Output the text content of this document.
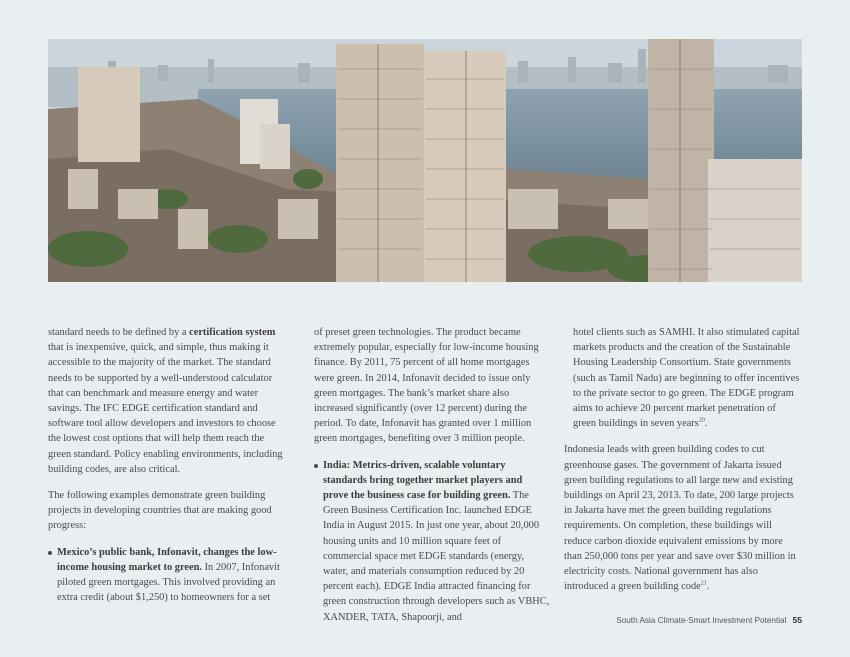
standard needs to be defined by a certification system that is inexpensive, quick, and simple, thus making it accessible to the majority of the market. The standard needs to be supported by a well-understood calculator that can benchmark and measure energy and water savings. The IFC EDGE certification standard and software tool allow developers and investors to choose the lowest cost options that will help them reach the green standard. Policy enabling environments, including building codes, are also critical.

The following examples demonstrate green building projects in developing countries that are making good progress:

Mexico’s public bank, Infonavit, changes the low-income housing market to green. In 2007, Infonavit piloted green mortgages. This involved providing an extra credit (about $1,250) to homeowners for a set

of preset green technologies. The product became extremely popular, especially for low-income housing finance. By 2011, 75 percent of all home mortgages were green. In 2014, Infonavit decided to issue only green mortgages. The bank’s market share also increased significantly (over 12 percent) during the period. To date, Infonavit has granted over 1 million green mortgages, benefiting over 3 million people.

India: Metrics-driven, scalable voluntary standards bring together market players and prove the business case for building green. The Green Business Certification Inc. launched EDGE India in August 2015. In just one year, about 20,000 housing units and 10 million square feet of commercial space met EDGE standards (energy, water, and materials consumption reduced by 20 percent each). EDGE India attracted financing for green construction through developers such as VBHC, XANDER, TATA, Shapoorji, and

hotel clients such as SAMHI. It also stimulated capital markets products and the creation of the Sustainable Housing Leadership Consortium. State governments (such as Tamil Nadu) are beginning to offer incentives to the private sector to go green. The EDGE program aims to achieve 20 percent market penetration of green buildings in seven years$^{20}$.

Indonesia leads with green building codes to cut greenhouse gases. The government of Jakarta issued green building regulations to all large new and existing buildings on April 23, 2013. To date, 200 large projects in Jakarta have met the green building regulations requirements. On completion, these buildings will reduce carbon dioxide equivalent emissions by more than 250,000 tons per year and save over $30 million in electricity costs. National government has also introduced a green building code$^{21}$.

South Asia Climate-Smart Investment Potential 55
